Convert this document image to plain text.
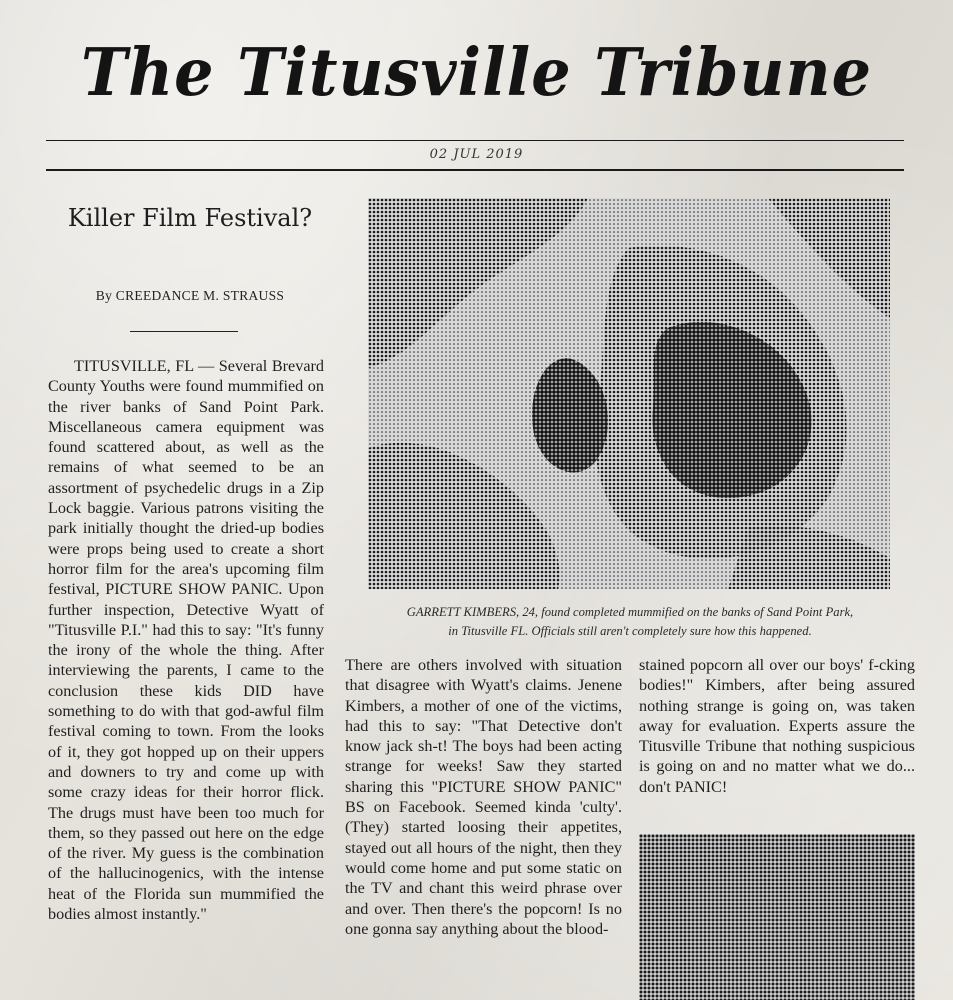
The Titusville Tribune
02 JUL 2019
Killer Film Festival?
By CREEDANCE M. STRAUSS

TITUSVILLE, FL — Several Brevard County Youths were found mummified on the river banks of Sand Point Park. Miscellaneous camera equipment was found scattered about, as well as the remains of what seemed to be an assortment of psychedelic drugs in a Zip Lock baggie. Various patrons visiting the park initially thought the dried-up bodies were props being used to create a short horror film for the area's upcoming film festival, PICTURE SHOW PANIC. Upon further inspection, Detective Wyatt of "Titusville P.I." had this to say: "It's funny the irony of the whole the thing. After interviewing the parents, I came to the conclusion these kids DID have something to do with that god-awful film festival coming to town. From the looks of it, they got hopped up on their uppers and downers to try and come up with some crazy ideas for their horror flick. The drugs must have been too much for them, so they passed out here on the edge of the river. My guess is the combination of the hallucinogenics, with the intense heat of the Florida sun mummified the bodies almost instantly."

GARRETT KIMBERS, 24, found completed mummified on the banks of Sand Point Park,
in Titusville FL. Officials still aren't completely sure how this happened.

There are others involved with situation that disagree with Wyatt's claims. Jenene Kimbers, a mother of one of the victims, had this to say: "That Detective don't know jack sh-t! The boys had been acting strange for weeks! Saw they started sharing this "PICTURE SHOW PANIC" BS on Facebook. Seemed kinda 'culty'. (They) started loosing their appetites, stayed out all hours of the night, then they would come home and put some static on the TV and chant this weird phrase over and over. Then there's the popcorn! Is no one gonna say anything about the blood-

stained popcorn all over our boys' f-cking bodies!" Kimbers, after being assured nothing strange is going on, was taken away for evaluation. Experts assure the Titusville Tribune that nothing suspicious is going on and no matter what we do... don't PANIC!
